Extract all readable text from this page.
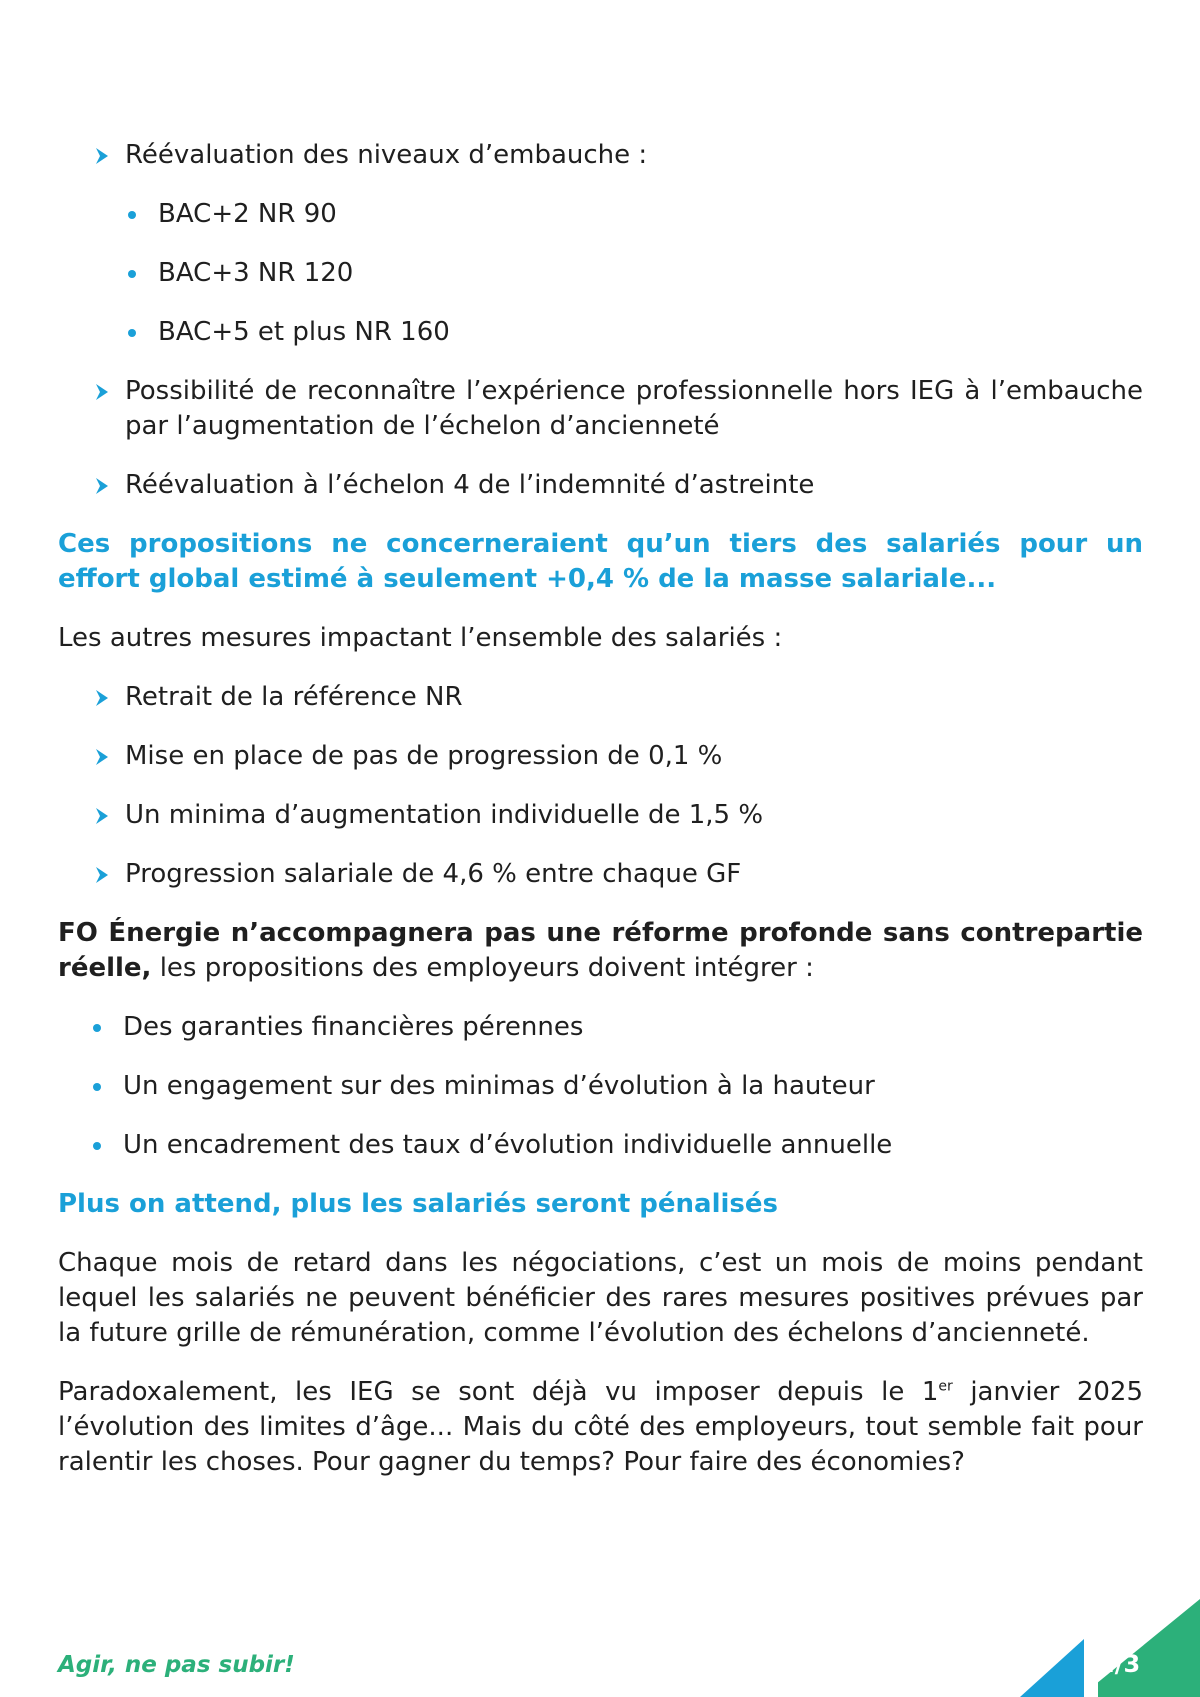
Réévaluation des niveaux d’embauche :
BAC+2 NR 90
BAC+3 NR 120
BAC+5 et plus NR 160
Possibilité de reconnaître l’expérience professionnelle hors IEG à l’embauche par l’augmentation de l’échelon d’ancienneté
Réévaluation à l’échelon 4 de l’indemnité d’astreinte
Ces propositions ne concerneraient qu’un tiers des salariés pour un effort global estimé à seulement +0,4 % de la masse salariale...
Les autres mesures impactant l’ensemble des salariés :
Retrait de la référence NR
Mise en place de pas de progression de 0,1 %
Un minima d’augmentation individuelle de 1,5 %
Progression salariale de 4,6 % entre chaque GF
FO Énergie n’accompagnera pas une réforme profonde sans contrepartie réelle, les propositions des employeurs doivent intégrer :
Des garanties financières pérennes
Un engagement sur des minimas d’évolution à la hauteur
Un encadrement des taux d’évolution individuelle annuelle
Plus on attend, plus les salariés seront pénalisés
Chaque mois de retard dans les négociations, c’est un mois de moins pendant lequel les salariés ne peuvent bénéficier des rares mesures positives prévues par la future grille de rémunération, comme l’évolution des échelons d’ancienneté.
Paradoxalement, les IEG se sont déjà vu imposer depuis le 1er janvier 2025 l’évolution des limites d’âge... Mais du côté des employeurs, tout semble fait pour ralentir les choses. Pour gagner du temps? Pour faire des économies?
Agir, ne pas subir!	2/3
